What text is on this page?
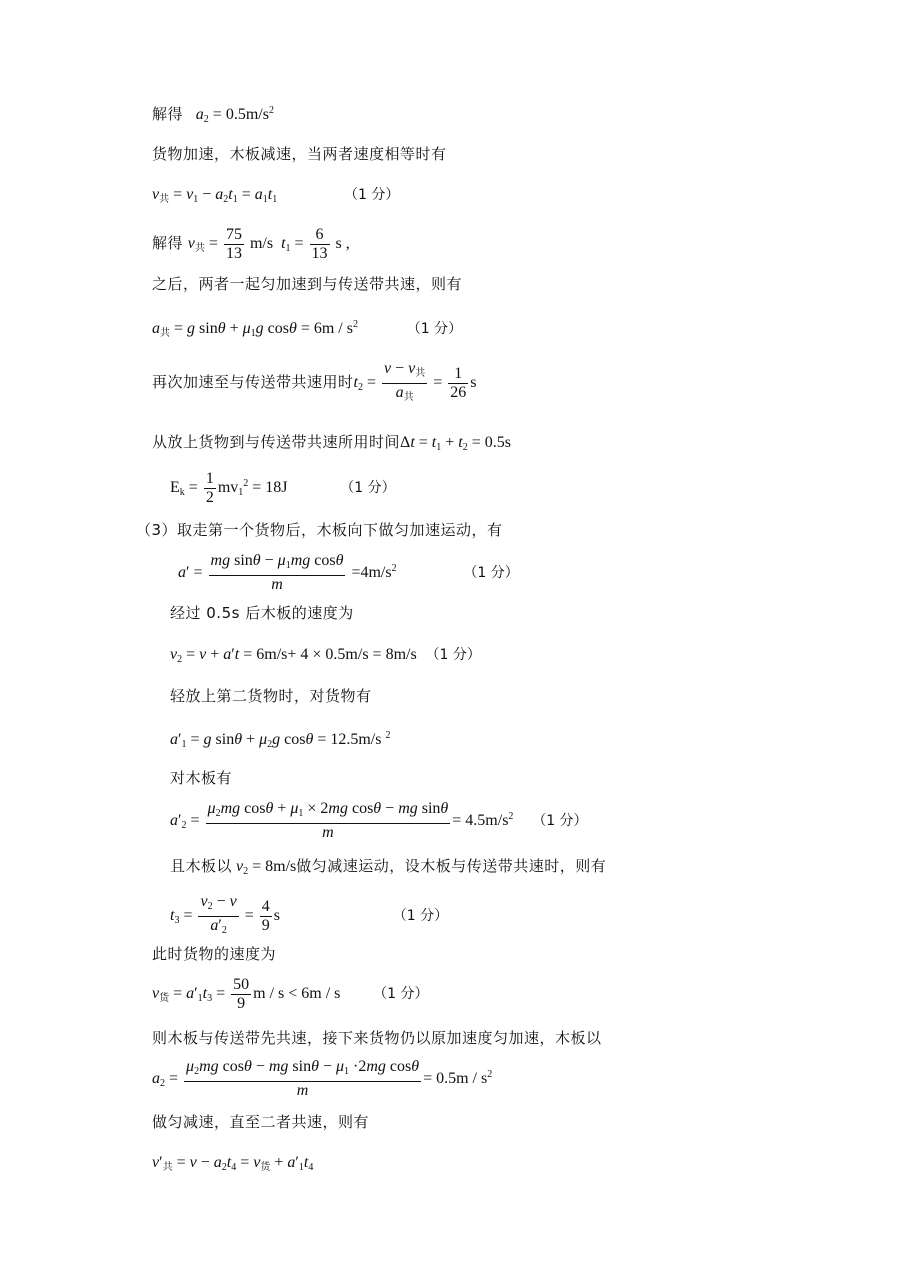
解得 $a_2 = 0.5m/s^2$
货物加速，木板减速，当两者速度相等时有
$v_共 = v_1 - a_2t_1 = a_1t_1$	（1 分）
解得 $v_共 = \frac{75}{13} m/s$  $t_1 = \frac{6}{13}$ s ,
之后，两者一起匀加速到与传送带共速，则有
$a_共 = g$ $\sin\theta + \mu_1g$ $\cos\theta = 6m / s^2$	（1 分）
再次加速至与传送带共速用时$t_2 = \frac{v - v_共}{a_共} = \frac{1}{26}$ s
从放上货物到与传送带共速所用时间$\Delta t = t_1 + t_2 = 0.5s$
$E_k = \frac{1}{2} mv_1^2 = 18J$	（1 分）
（3）取走第一个货物后，木板向下做匀加速运动，有
$a' = \frac{mg \sin\theta - \mu_1mg \cos\theta}{m} =4m/s^2$	（1 分）
经过 0.5s 后木板的速度为
$v_2 = v + a't = 6m/s+ 4 \times 0.5m/s = 8m/s$ （1 分）
轻放上第二货物时，对货物有
$a'_1 = g$ $\sin\theta + \mu_2g$ cosθ = 12.5m/s $^2$
对木板有
$a'_2 = \frac{\mu_2mg \cos\theta + \mu_1 \times 2mg \cos\theta - mg \sin\theta}{m} = 4.5m/s^2$ （1 分）
且木板以 $v_2 = 8m/s$做匀减速运动，设木板与传送带共速时，则有
$t_3 = \frac{v_2 - v}{a'_2} = \frac{4}{9}$ s	（1 分）
此时货物的速度为
$v_货 = a'_1t_3 = \frac{50}{9}$ m / s < 6m / s （1 分）
则木板与传送带先共速，接下来货物仍以原加速度匀加速，木板以
$a_2 = \frac{\mu_2mg \cos\theta - mg \sin\theta - \mu_1 \cdot 2mg \cos\theta}{m} = 0.5m / s^2$
做匀减速，直至二者共速，则有
$v'_共 = v - a_2t_4 = v_货 + a'_1t_4$
